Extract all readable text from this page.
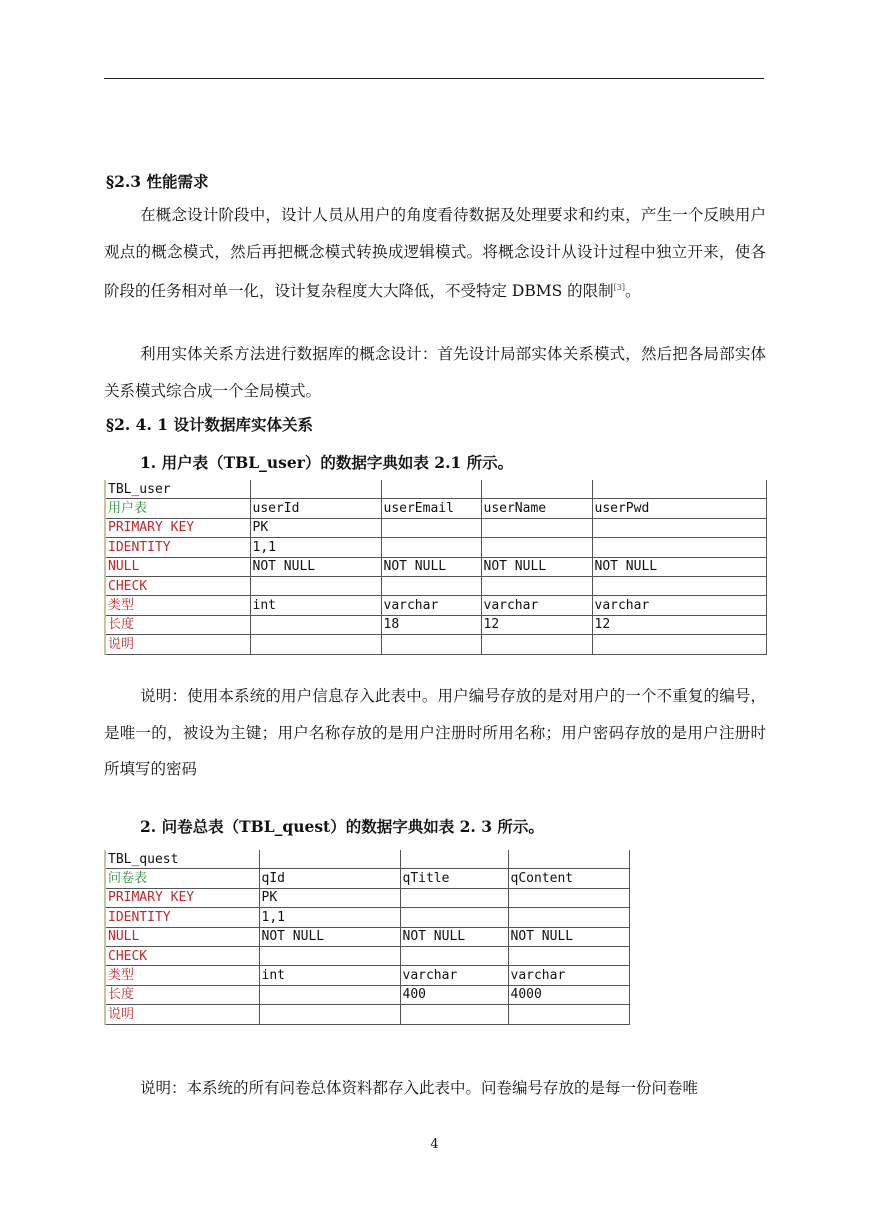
§2.3 性能需求
在概念设计阶段中，设计人员从用户的角度看待数据及处理要求和约束，产生一个反映用户观点的概念模式，然后再把概念模式转换成逻辑模式。将概念设计从设计过程中独立开来，使各阶段的任务相对单一化，设计复杂程度大大降低，不受特定 DBMS 的限制[3]。
利用实体关系方法进行数据库的概念设计：首先设计局部实体关系模式，然后把各局部实体关系模式综合成一个全局模式。
§2. 4. 1 设计数据库实体关系
1. 用户表（TBL_user）的数据字典如表 2.1 所示。
TBL_user				
用户表	userId	userEmail	userName	userPwd
PRIMARY KEY	PK			
IDENTITY	1,1			
NULL	NOT NULL	NOT NULL	NOT NULL	NOT NULL
CHECK				
类型	int	varchar	varchar	varchar
长度		18	12	12
说明				
说明：使用本系统的用户信息存入此表中。用户编号存放的是对用户的一个不重复的编号，是唯一的，被设为主键；用户名称存放的是用户注册时所用名称；用户密码存放的是用户注册时所填写的密码
2. 问卷总表（TBL_quest）的数据字典如表 2. 3 所示。
TBL_quest			
问卷表	qId	qTitle	qContent
PRIMARY KEY	PK		
IDENTITY	1,1		
NULL	NOT NULL	NOT NULL	NOT NULL
CHECK			
类型	int	varchar	varchar
长度		400	4000
说明			
说明：本系统的所有问卷总体资料都存入此表中。问卷编号存放的是每一份问卷唯
4
